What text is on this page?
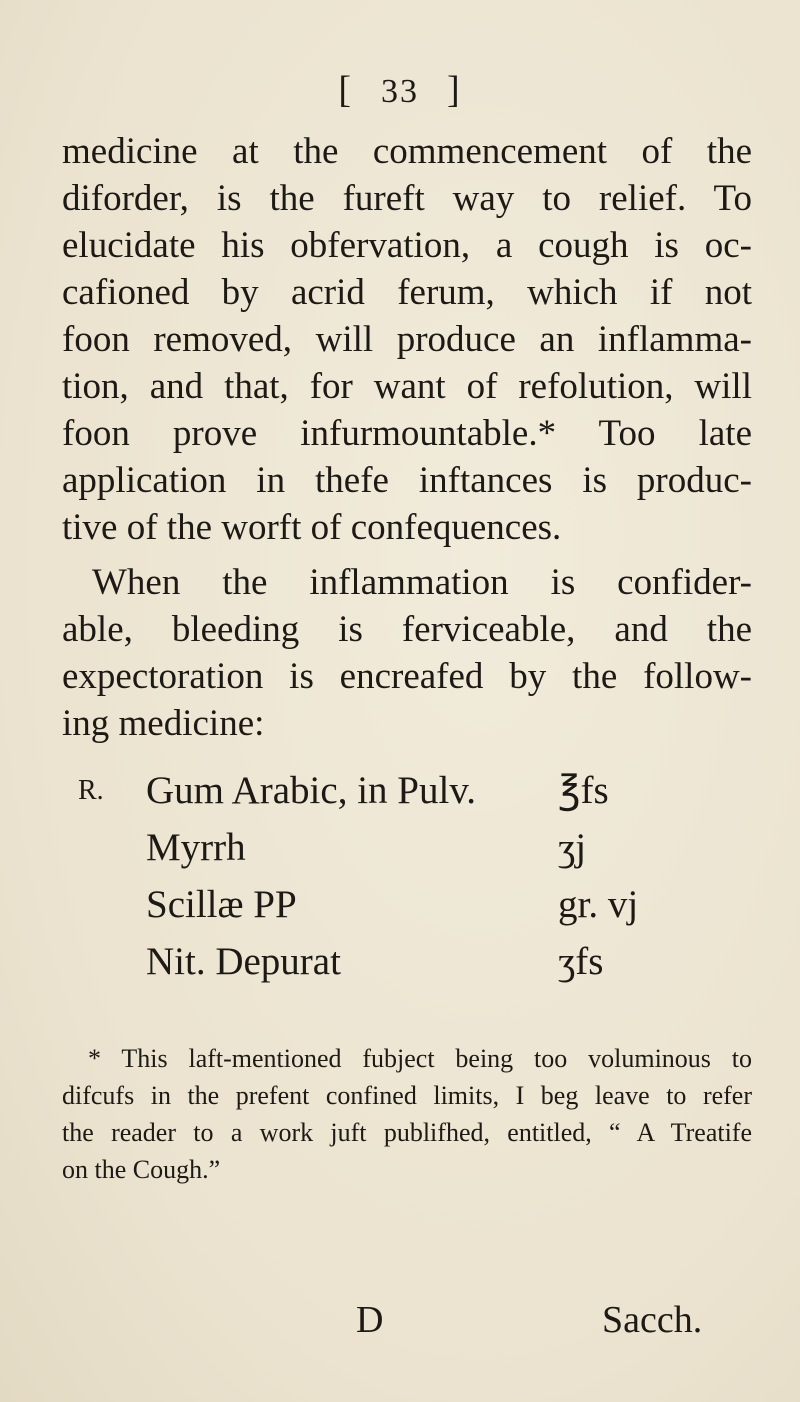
[ 33 ]
medicine at the commencement of the
diforder, is the fureft way to relief. To
elucidate his obfervation, a cough is oc-
cafioned by acrid ferum, which if not
foon removed, will produce an inflamma-
tion, and that, for want of refolution, will
foon prove infurmountable.* Too late
application in thefe inftances is produc-
tive of the worft of confequences.
When the inflammation is confider-
able, bleeding is ferviceable, and the
expectoration is encreafed by the follow-
ing medicine:
R. Gum Arabic, in Pulv. ℥fs
Myrrh	ʒj
Scillæ PP	gr. vj
Nit. Depurat	ʒfs
* This laft-mentioned fubject being too voluminous to
difcufs in the prefent confined limits, I beg leave to refer
the reader to a work juft publifhed, entitled, “ A Treatife
on the Cough.”
D	Sacch.
